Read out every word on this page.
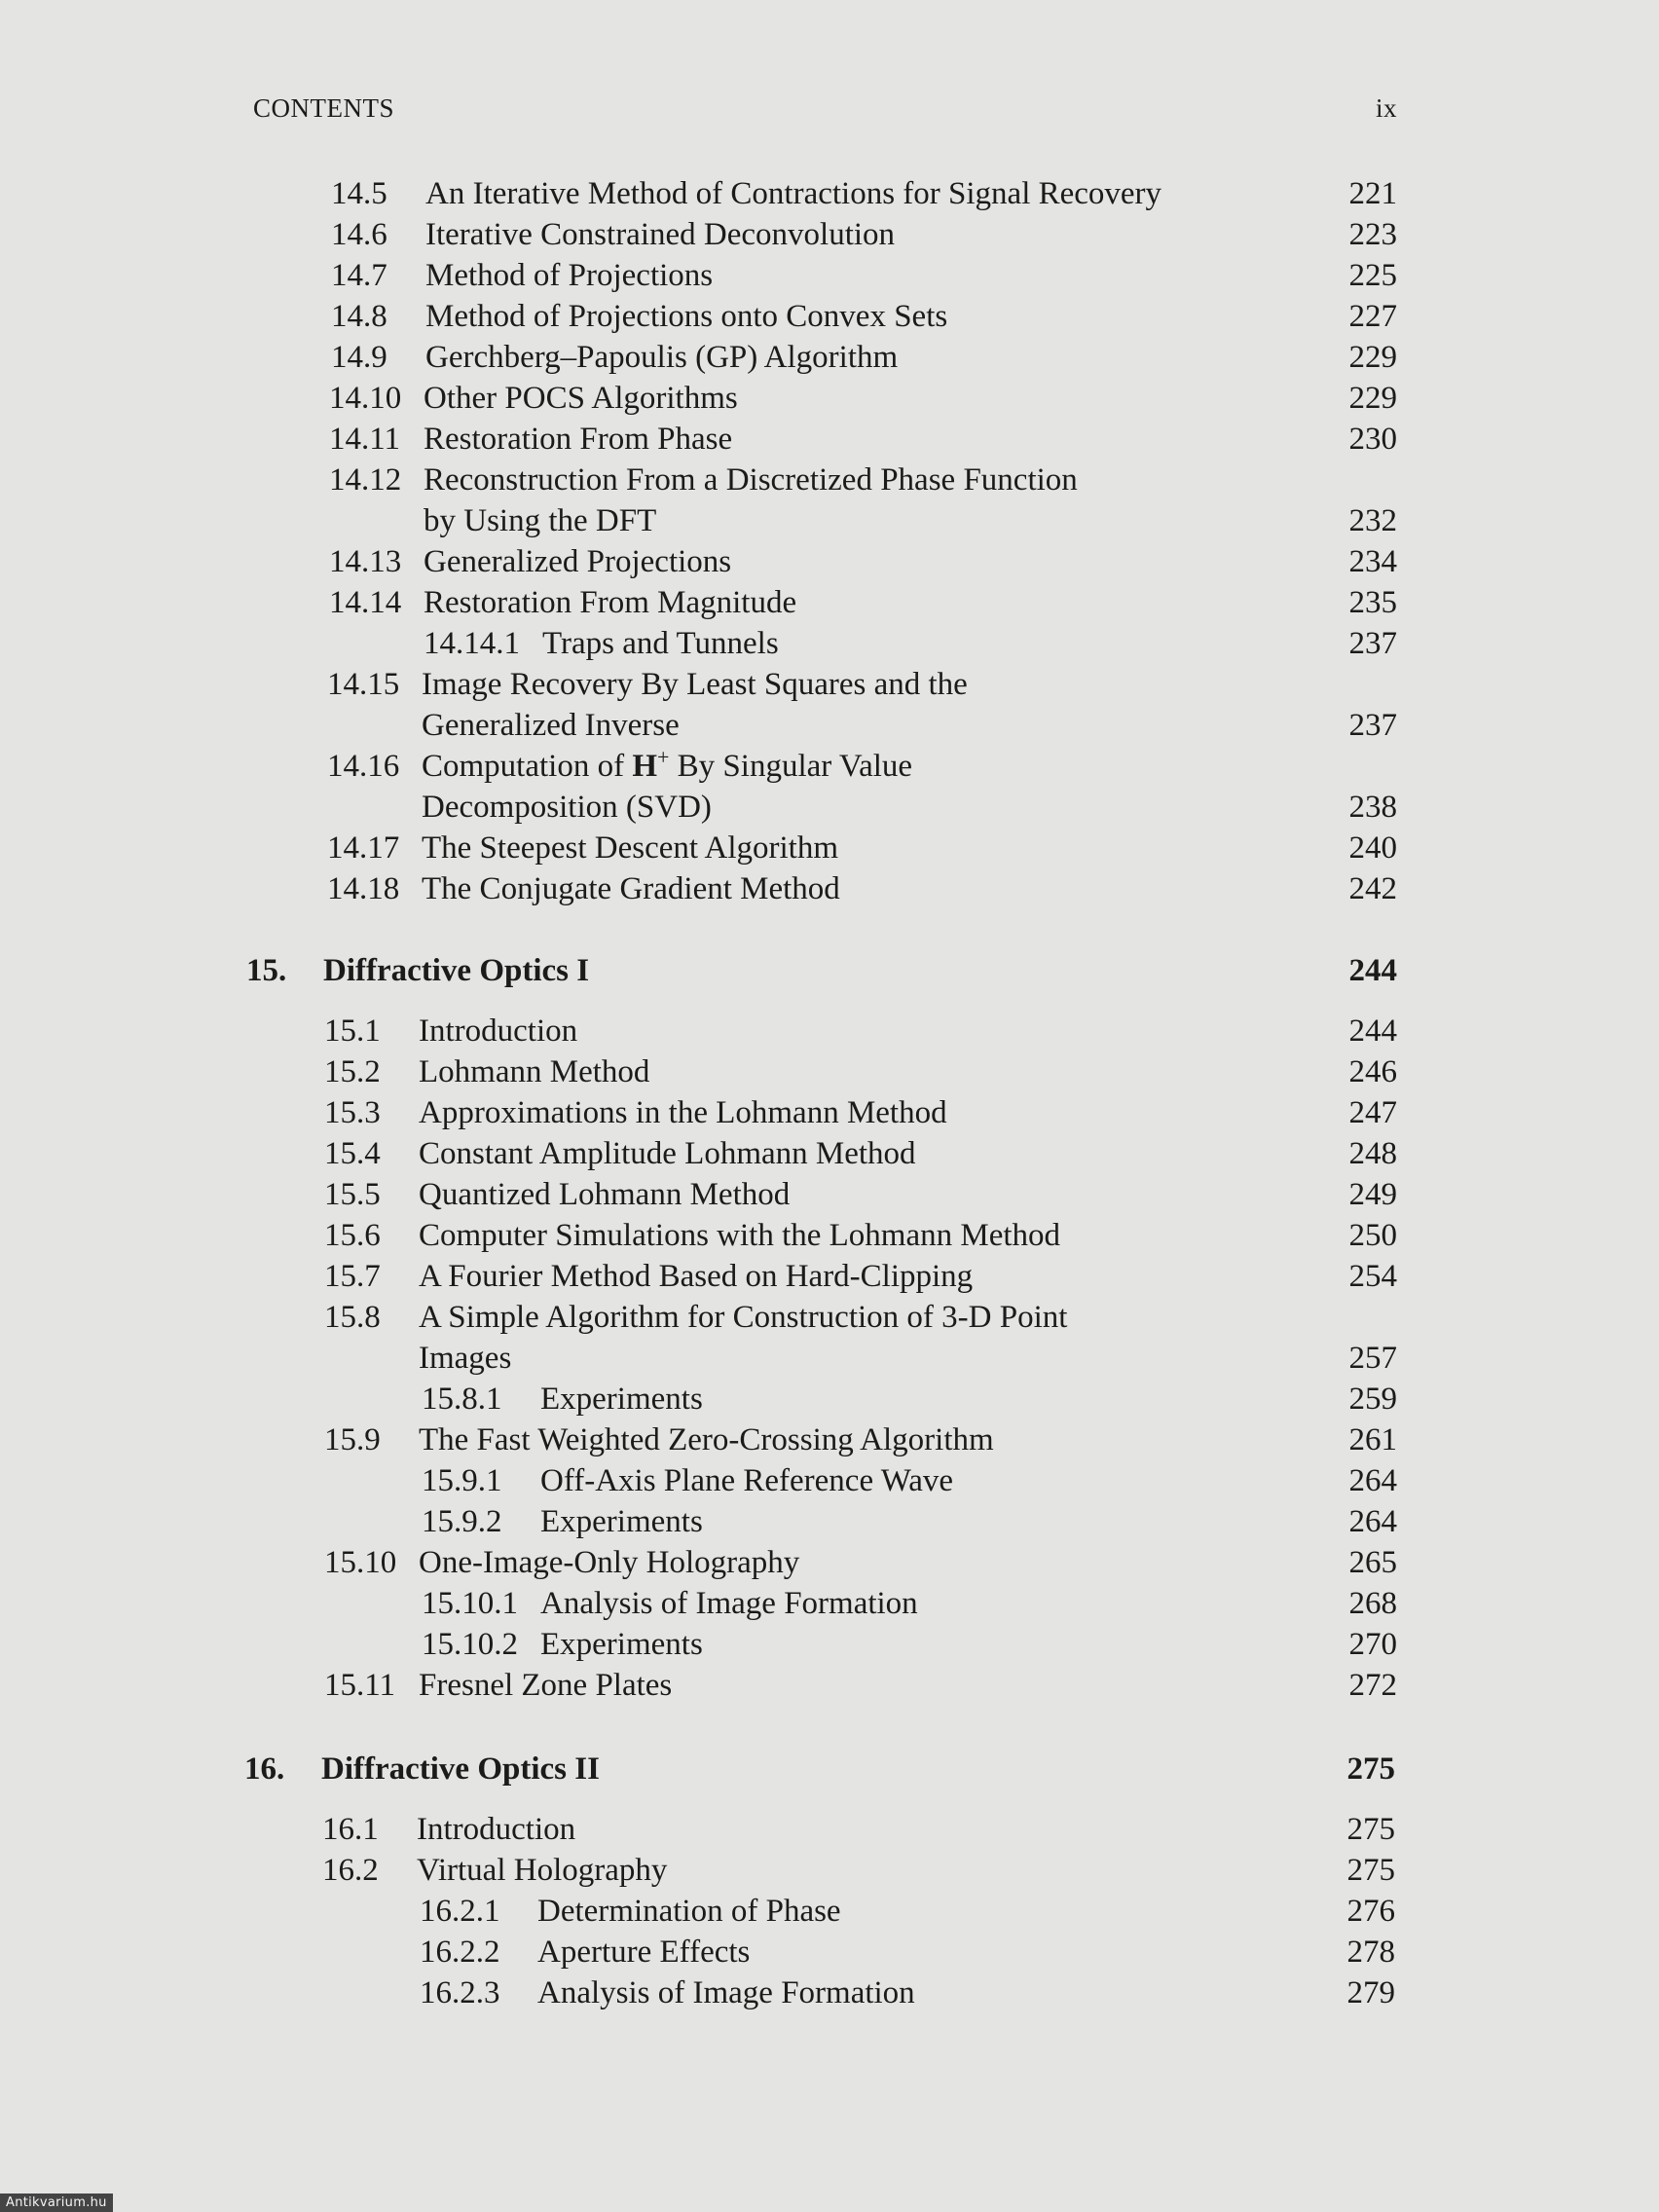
CONTENTS	ix
14.5 An Iterative Method of Contractions for Signal Recovery	221
14.6 Iterative Constrained Deconvolution	223
14.7 Method of Projections	225
14.8 Method of Projections onto Convex Sets	227
14.9 Gerchberg–Papoulis (GP) Algorithm	229
14.10 Other POCS Algorithms	229
14.11 Restoration From Phase	230
14.12 Reconstruction From a Discretized Phase Function
by Using the DFT	232
14.13 Generalized Projections	234
14.14 Restoration From Magnitude	235
14.14.1 Traps and Tunnels	237
14.15 Image Recovery By Least Squares and the
Generalized Inverse	237
14.16 Computation of H+ By Singular Value
Decomposition (SVD)	238
14.17 The Steepest Descent Algorithm	240
14.18 The Conjugate Gradient Method	242
15. Diffractive Optics I	244
15.1 Introduction	244
15.2 Lohmann Method	246
15.3 Approximations in the Lohmann Method	247
15.4 Constant Amplitude Lohmann Method	248
15.5 Quantized Lohmann Method	249
15.6 Computer Simulations with the Lohmann Method	250
15.7 A Fourier Method Based on Hard-Clipping	254
15.8 A Simple Algorithm for Construction of 3-D Point
Images	257
15.8.1 Experiments	259
15.9 The Fast Weighted Zero-Crossing Algorithm	261
15.9.1 Off-Axis Plane Reference Wave	264
15.9.2 Experiments	264
15.10 One-Image-Only Holography	265
15.10.1 Analysis of Image Formation	268
15.10.2 Experiments	270
15.11 Fresnel Zone Plates	272
16. Diffractive Optics II	275
16.1 Introduction	275
16.2 Virtual Holography	275
16.2.1 Determination of Phase	276
16.2.2 Aperture Effects	278
16.2.3 Analysis of Image Formation	279
Antikvarium.hu
